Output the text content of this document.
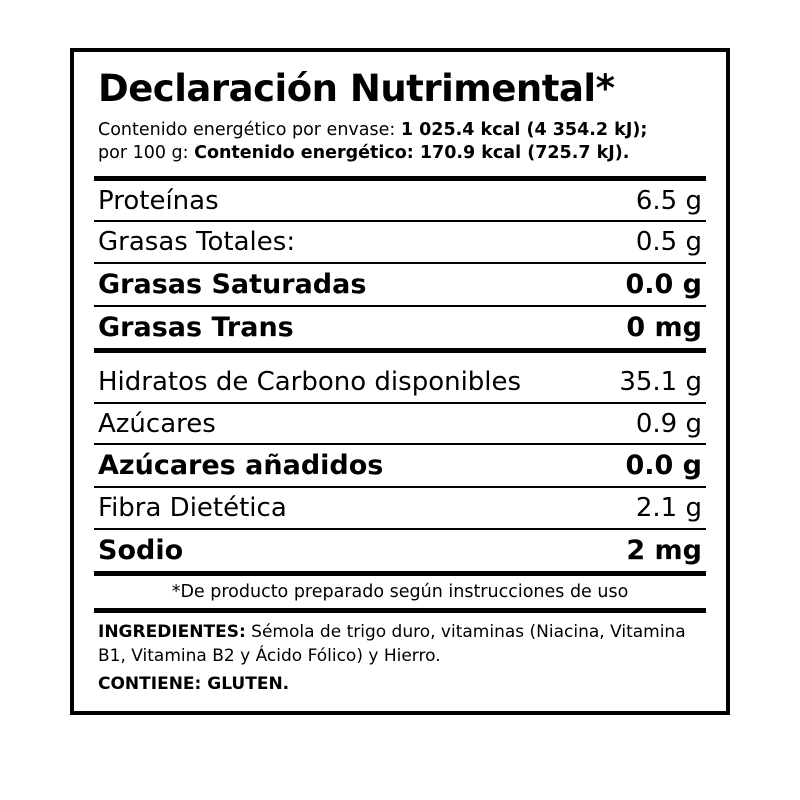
Declaración Nutrimental*
Contenido energético por envase: 1 025.4 kcal (4 354.2 kJ);
por 100 g: Contenido energético: 170.9 kcal (725.7 kJ).
Proteínas	6.5 g
Grasas Totales:	0.5 g
Grasas Saturadas	0.0 g
Grasas Trans	0 mg
Hidratos de Carbono disponibles	35.1 g
Azúcares	0.9 g
Azúcares añadidos	0.0 g
Fibra Dietética	2.1 g
Sodio	2 mg
*De producto preparado según instrucciones de uso
INGREDIENTES: Sémola de trigo duro, vitaminas (Niacina, Vitamina B1, Vitamina B2 y Ácido Fólico) y Hierro.
CONTIENE: GLUTEN.
